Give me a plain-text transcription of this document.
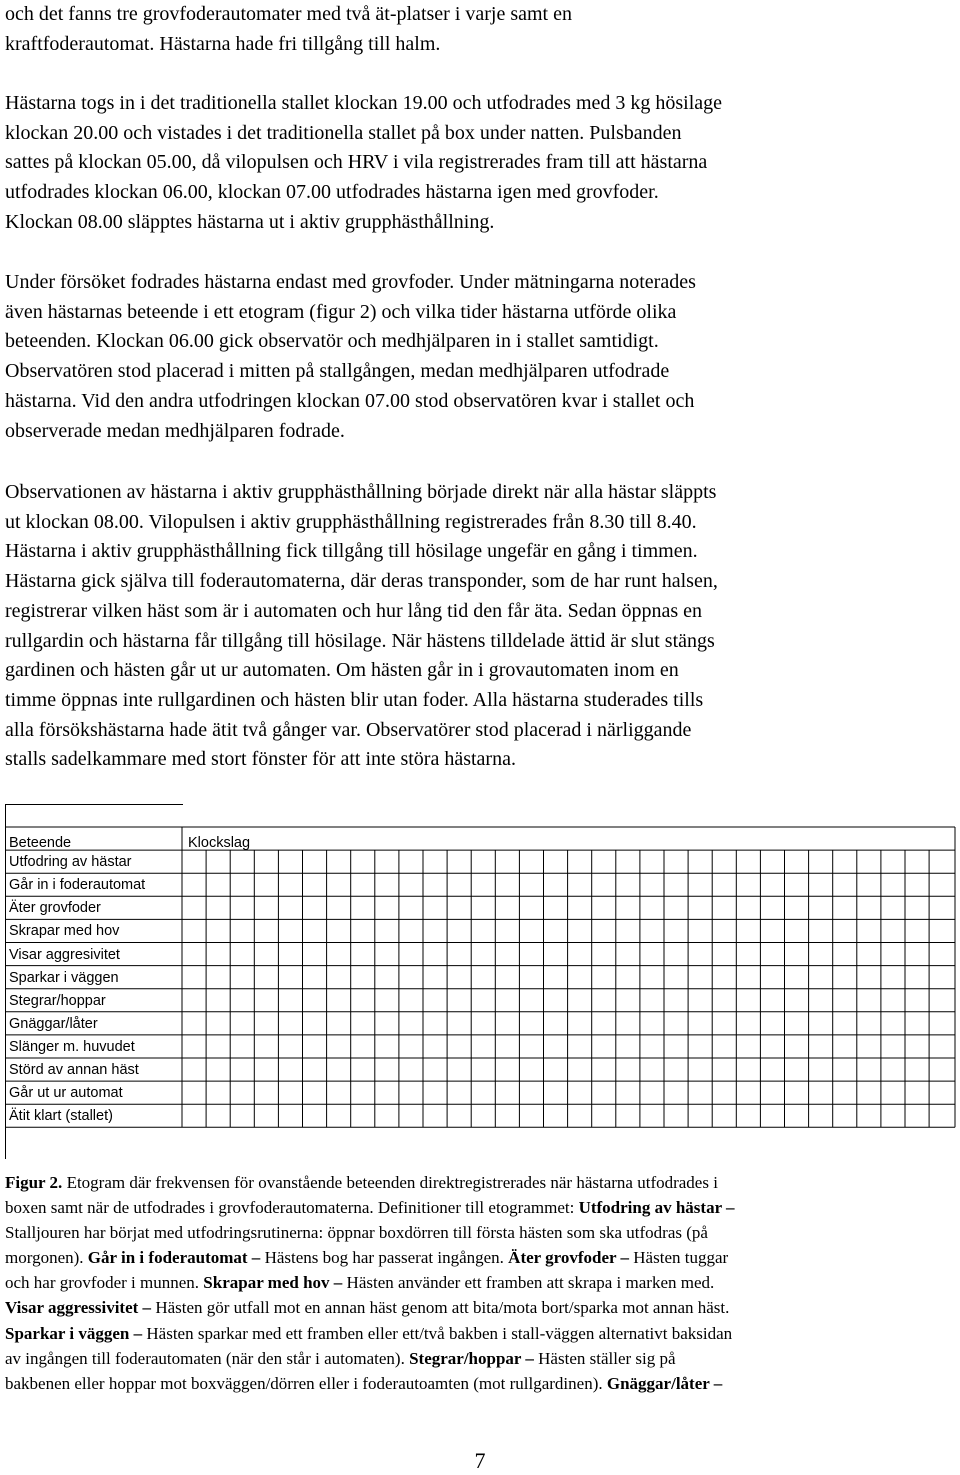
och det fanns tre grovfoderautomater med två ät-platser i varje samt en
kraftfoderautomat. Hästarna hade fri tillgång till halm.

Hästarna togs in i det traditionella stallet klockan 19.00 och utfodrades med 3 kg hösilage
klockan 20.00 och vistades i det traditionella stallet på box under natten. Pulsbanden
sattes på klockan 05.00, då vilopulsen och HRV i vila registrerades fram till att hästarna
utfodrades klockan 06.00, klockan 07.00 utfodrades hästarna igen med grovfoder.
Klockan 08.00 släpptes hästarna ut i aktiv grupphästhållning.

Under försöket fodrades hästarna endast med grovfoder. Under mätningarna noterades
även hästarnas beteende i ett etogram (figur 2) och vilka tider hästarna utförde olika
beteenden. Klockan 06.00 gick observatör och medhjälparen in i stallet samtidigt.
Observatören stod placerad i mitten på stallgången, medan medhjälparen utfodrade
hästarna. Vid den andra utfodringen klockan 07.00 stod observatören kvar i stallet och
observerade medan medhjälparen fodrade.

Observationen av hästarna i aktiv grupphästhållning började direkt när alla hästar släppts
ut klockan 08.00. Vilopulsen i aktiv grupphästhållning registrerades från 8.30 till 8.40.
Hästarna i aktiv grupphästhållning fick tillgång till hösilage ungefär en gång i timmen.
Hästarna gick själva till foderautomaterna, där deras transponder, som de har runt halsen,
registrerar vilken häst som är i automaten och hur lång tid den får äta. Sedan öppnas en
rullgardin och hästarna får tillgång till hösilage. När hästens tilldelade ättid är slut stängs
gardinen och hästen går ut ur automaten. Om hästen går in i grovautomaten inom en
timme öppnas inte rullgardinen och hästen blir utan foder. Alla hästarna studerades tills
alla försökshästarna hade ätit två gånger var. Observatörer stod placerad i närliggande
stalls sadelkammare med stort fönster för att inte störa hästarna.

Beteende	Klockslag
Utfodring av hästar
Går in i foderautomat
Äter grovfoder
Skrapar med hov
Visar aggresivitet
Sparkar i väggen
Stegrar/hoppar
Gnäggar/låter
Slänger m. huvudet
Störd av annan häst
Går ut ur automat
Ätit klart (stallet)
Figur 2. Etogram där frekvensen för ovanstående beteenden direktregistrerades när hästarna utfodrades i
boxen samt när de utfodrades i grovfoderautomaterna. Definitioner till etogrammet: Utfodring av hästar –
Stalljouren har börjat med utfodringsrutinerna: öppnar boxdörren till första hästen som ska utfodras (på
morgonen). Går in i foderautomat – Hästens bog har passerat ingången. Äter grovfoder – Hästen tuggar
och har grovfoder i munnen. Skrapar med hov – Hästen använder ett framben att skrapa i marken med.
Visar aggressivitet – Hästen gör utfall mot en annan häst genom att bita/mota bort/sparka mot annan häst.
Sparkar i väggen – Hästen sparkar med ett framben eller ett/två bakben i stall-väggen alternativt baksidan
av ingången till foderautomaten (när den står i automaten). Stegrar/hoppar – Hästen ställer sig på
bakbenen eller hoppar mot boxväggen/dörren eller i foderautoamten (mot rullgardinen). Gnäggar/låter –
7
